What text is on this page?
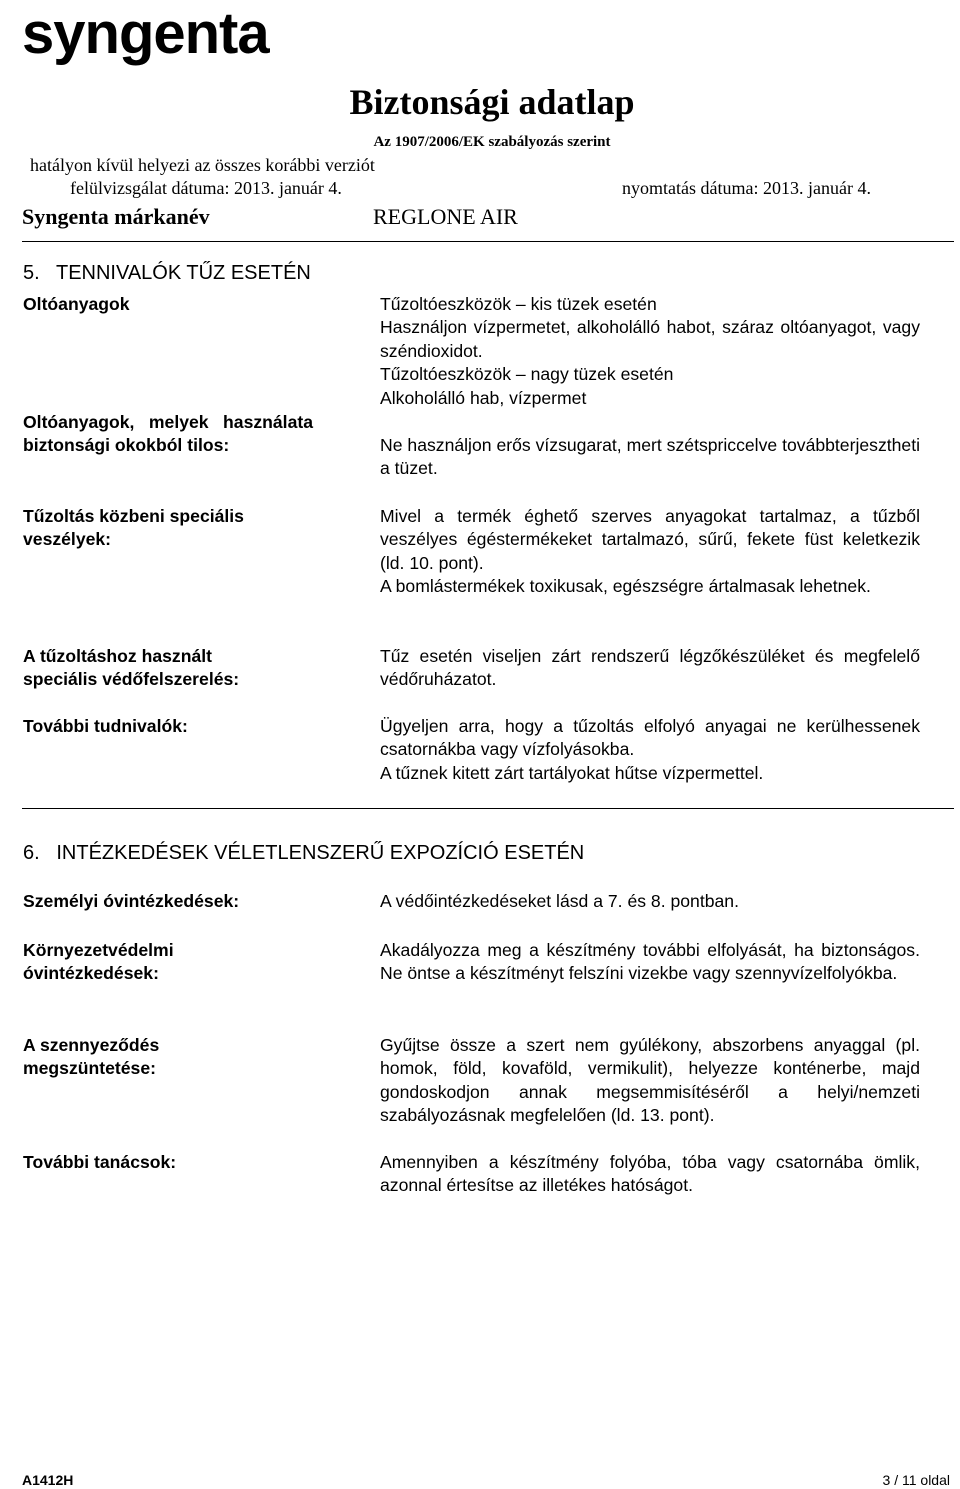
syngenta
Biztonsági adatlap
Az 1907/2006/EK szabályozás szerint
hatályon kívül helyezi az összes korábbi verziót
felülvizsgálat dátuma: 2013. január 4.	nyomtatás dátuma: 2013. január 4.
Syngenta márkanév	REGLONE AIR
5.   TENNIVALÓK TŰZ ESETÉN
Oltóanyagok	Tűzoltóeszközök – kis tüzek esetén
Használjon vízpermetet, alkoholálló habot, száraz oltóanyagot, vagy széndioxidot.
Tűzoltóeszközök – nagy tüzek esetén
Alkoholálló hab, vízpermet
Oltóanyagok, melyek használata biztonsági okokból tilos:	Ne használjon erős vízsugarat, mert szétspriccelve továbbterjesztheti a tüzet.
Tűzoltás közbeni speciális veszélyek:
Mivel a termék éghető szerves anyagokat tartalmaz, a tűzből veszélyes égéstermékeket tartalmazó, sűrű, fekete füst keletkezik (ld. 10. pont).
A bomlástermékek toxikusak, egészségre ártalmasak lehetnek.
A tűzoltáshoz használt speciális védőfelszerelés:
Tűz esetén viseljen zárt rendszerű légzőkészüléket és megfelelő védőruházatot.
További tudnivalók:	Ügyeljen arra, hogy a tűzoltás elfolyó anyagai ne kerülhessenek csatornákba vagy vízfolyásokba.
A tűznek kitett zárt tartályokat hűtse vízpermettel.
6.   INTÉZKEDÉSEK VÉLETLENSZERŰ EXPOZÍCIÓ ESETÉN
Személyi óvintézkedések:	A védőintézkedéseket lásd a 7. és 8. pontban.
Környezetvédelmi óvintézkedések:
Akadályozza meg a készítmény további elfolyását, ha biztonságos. Ne öntse a készítményt felszíni vizekbe vagy szennyvízelfolyókba.
A szennyeződés megszüntetése:
Gyűjtse össze a szert nem gyúlékony, abszorbens anyaggal (pl. homok, föld, kovaföld, vermikulit), helyezze konténerbe, majd gondoskodjon annak megsemmisítéséről a helyi/nemzeti szabályozásnak megfelelően (ld. 13. pont).
További tanácsok:	Amennyiben a készítmény folyóba, tóba vagy csatornába ömlik, azonnal értesítse az illetékes hatóságot.
A1412H	3 / 11 oldal
